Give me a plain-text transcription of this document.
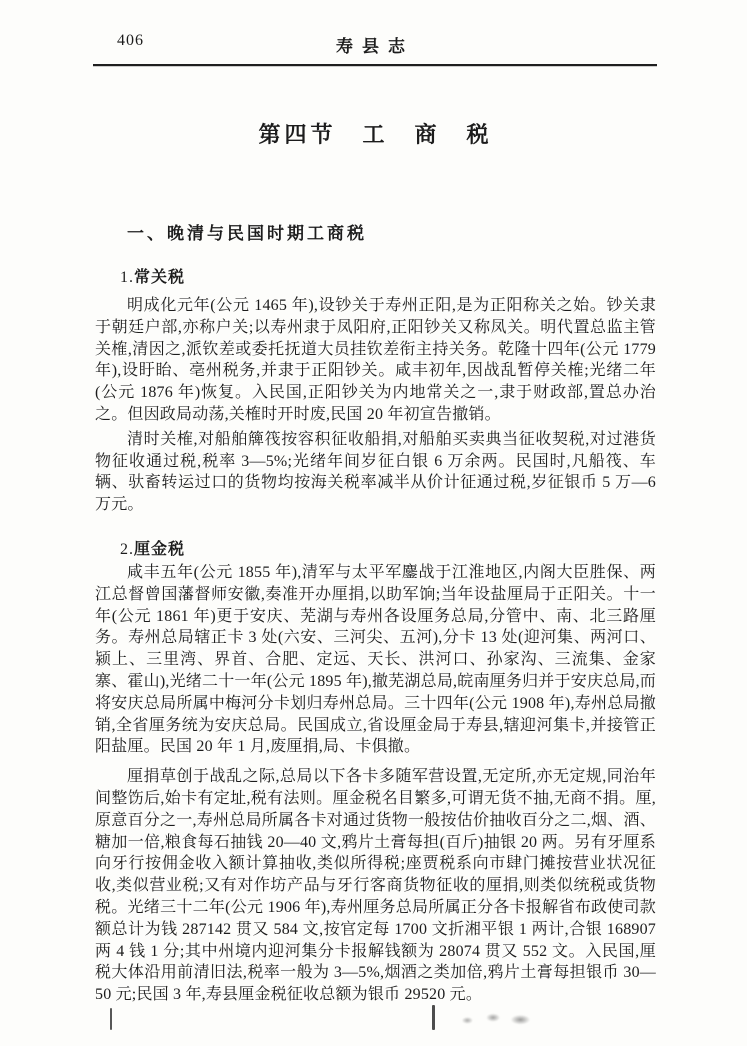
406	寿县志
第四节　工　商　税
一、晚清与民国时期工商税
1.常关税

明成化元年(公元 1465 年),设钞关于寿州正阳,是为正阳称关之始。钞关隶于朝廷户部,亦称户关;以寿州隶于凤阳府,正阳钞关又称凤关。明代置总监主管关榷,清因之,派钦差或委托抚道大员挂钦差衔主持关务。乾隆十四年(公元 1779 年),设盱眙、亳州税务,并隶于正阳钞关。咸丰初年,因战乱暂停关榷;光绪二年(公元 1876 年)恢复。入民国,正阳钞关为内地常关之一,隶于财政部,置总办治之。但因政局动荡,关榷时开时废,民国 20 年初宣告撤销。

清时关榷,对船舶簰筏按容积征收船捐,对船舶买卖典当征收契税,对过港货物征收通过税,税率 3—5%;光绪年间岁征白银 6 万余两。民国时,凡船筏、车辆、驮畜转运过口的货物均按海关税率减半从价计征通过税,岁征银币 5 万—6 万元。

2.厘金税

咸丰五年(公元 1855 年),清军与太平军鏖战于江淮地区,内阁大臣胜保、两江总督曾国藩督师安徽,奏准开办厘捐,以助军饷;当年设盐厘局于正阳关。十一年(公元 1861 年)更于安庆、芜湖与寿州各设厘务总局,分管中、南、北三路厘务。寿州总局辖正卡 3 处(六安、三河尖、五河),分卡 13 处(迎河集、两河口、颍上、三里湾、界首、合肥、定远、天长、洪河口、孙家沟、三流集、金家寨、霍山),光绪二十一年(公元 1895 年),撤芜湖总局,皖南厘务归并于安庆总局,而将安庆总局所属中梅河分卡划归寿州总局。三十四年(公元 1908 年),寿州总局撤销,全省厘务统为安庆总局。民国成立,省设厘金局于寿县,辖迎河集卡,并接管正阳盐厘。民国 20 年 1 月,废厘捐,局、卡俱撤。

厘捐草创于战乱之际,总局以下各卡多随军营设置,无定所,亦无定规,同治年间整饬后,始卡有定址,税有法则。厘金税名目繁多,可谓无货不抽,无商不捐。厘,原意百分之一,寿州总局所属各卡对通过货物一般按估价抽收百分之二,烟、酒、糖加一倍,粮食每石抽钱 20—40 文,鸦片土膏每担(百斤)抽银 20 两。另有牙厘系向牙行按佣金收入额计算抽收,类似所得税;座贾税系向市肆门摊按营业状况征收,类似营业税;又有对作坊产品与牙行客商货物征收的厘捐,则类似统税或货物税。光绪三十二年(公元 1906 年),寿州厘务总局所属正分各卡报解省布政使司款额总计为钱 287142 贯又 584 文,按官定每 1700 文折湘平银 1 两计,合银 168907 两 4 钱 1 分;其中州境内迎河集分卡报解钱额为 28074 贯又 552 文。入民国,厘税大体沿用前清旧法,税率一般为 3—5%,烟酒之类加倍,鸦片土膏每担银币 30—50 元;民国 3 年,寿县厘金税征收总额为银币 29520 元。
